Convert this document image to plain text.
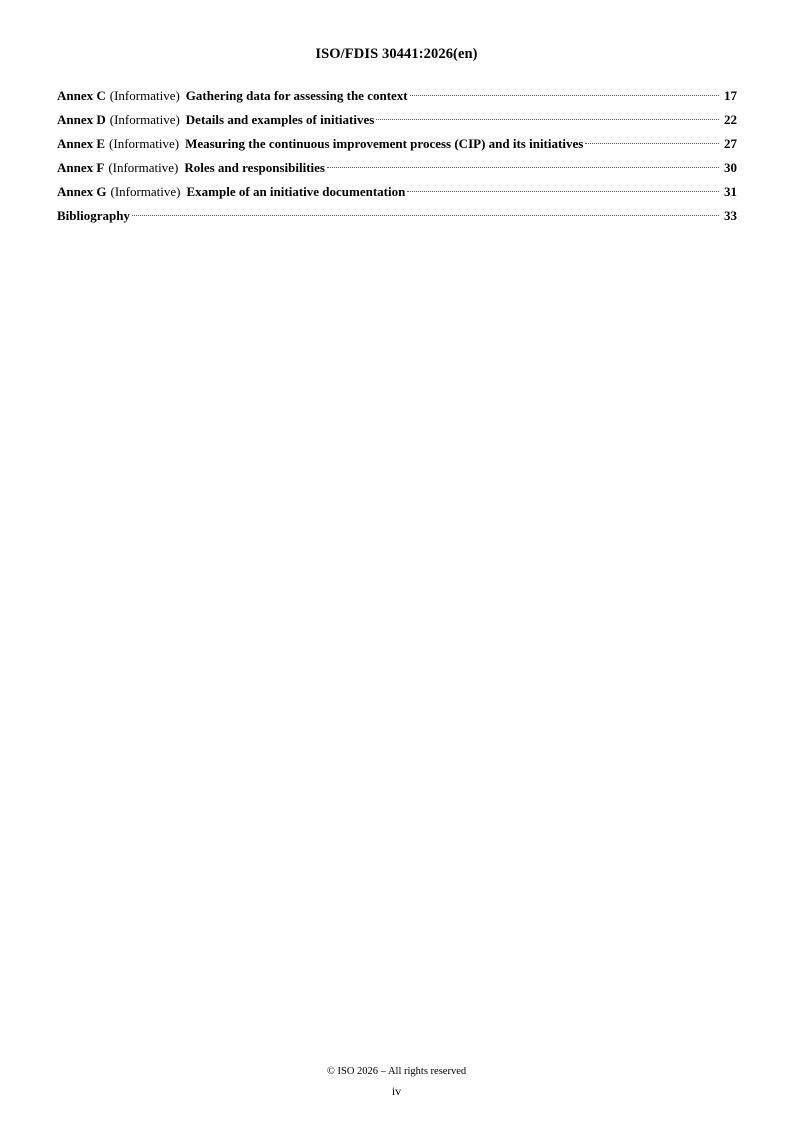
ISO/FDIS 30441:2026(en)
Annex C (Informative) Gathering data for assessing the context	17
Annex D (Informative) Details and examples of initiatives	22
Annex E (Informative) Measuring the continuous improvement process (CIP) and its initiatives	27
Annex F (Informative) Roles and responsibilities	30
Annex G (Informative) Example of an initiative documentation	31
Bibliography	33
© ISO 2026 – All rights reserved
iv
